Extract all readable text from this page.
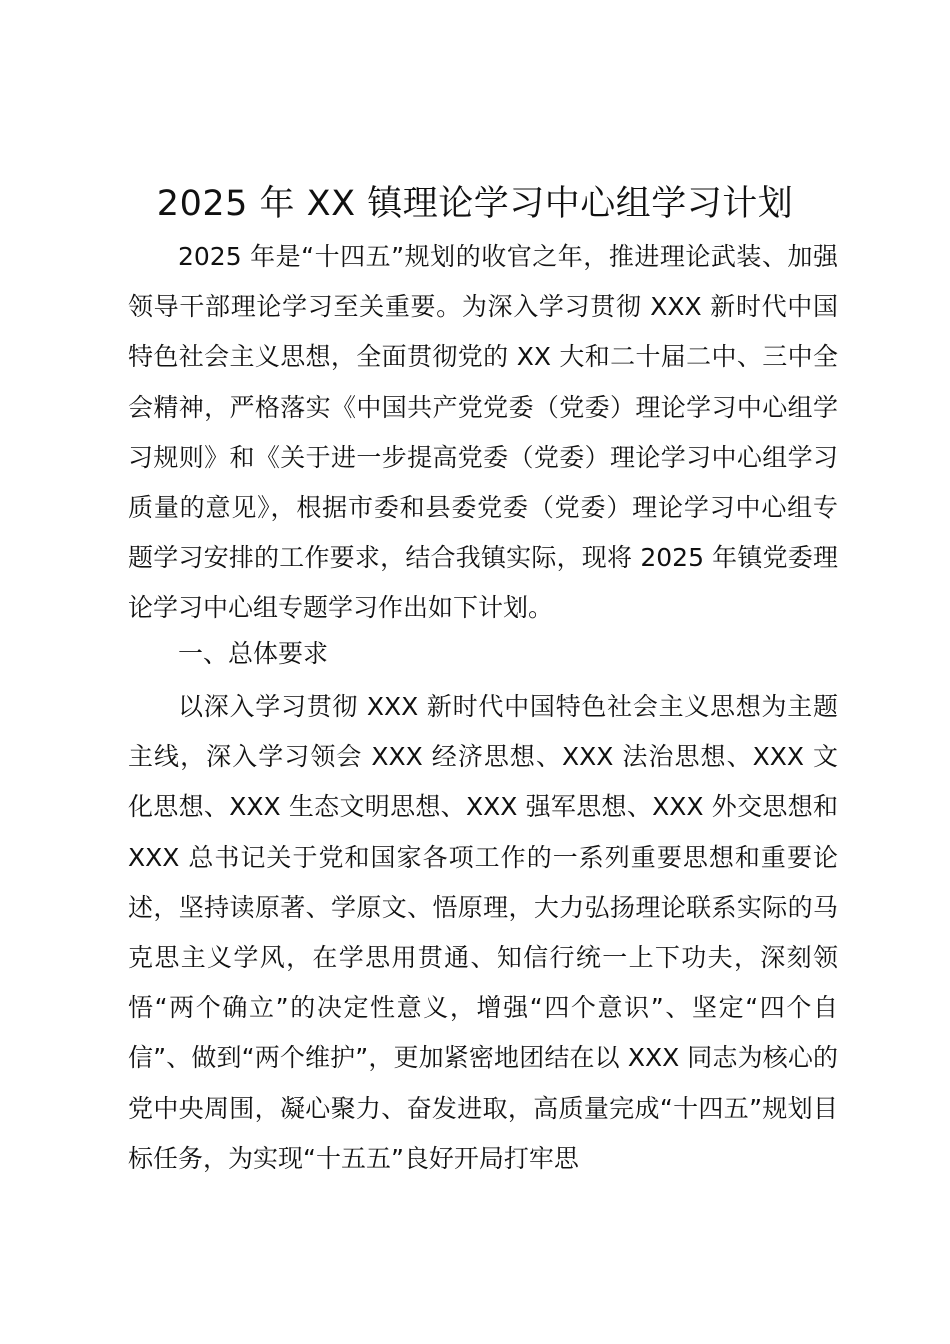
2025 年 XX 镇理论学习中心组学习计划

2025 年是“十四五”规划的收官之年，推进理论武装、加强领导干部理论学习至关重要。为深入学习贯彻 XXX 新时代中国特色社会主义思想，全面贯彻党的 XX 大和二十届二中、三中全会精神，严格落实《中国共产党党委（党委）理论学习中心组学习规则》和《关于进一步提高党委（党委）理论学习中心组学习质量的意见》，根据市委和县委党委（党委）理论学习中心组专题学习安排的工作要求，结合我镇实际，现将 2025 年镇党委理论学习中心组专题学习作出如下计划。

一、总体要求

以深入学习贯彻 XXX 新时代中国特色社会主义思想为主题主线，深入学习领会 XXX 经济思想、XXX 法治思想、XXX 文化思想、XXX 生态文明思想、XXX 强军思想、XXX 外交思想和 XXX 总书记关于党和国家各项工作的一系列重要思想和重要论述，坚持读原著、学原文、悟原理，大力弘扬理论联系实际的马克思主义学风，在学思用贯通、知信行统一上下功夫，深刻领悟“两个确立”的决定性意义，增强“四个意识”、坚定“四个自信”、做到“两个维护”，更加紧密地团结在以 XXX 同志为核心的党中央周围，凝心聚力、奋发进取，高质量完成“十四五”规划目标任务，为实现“十五五”良好开局打牢思
